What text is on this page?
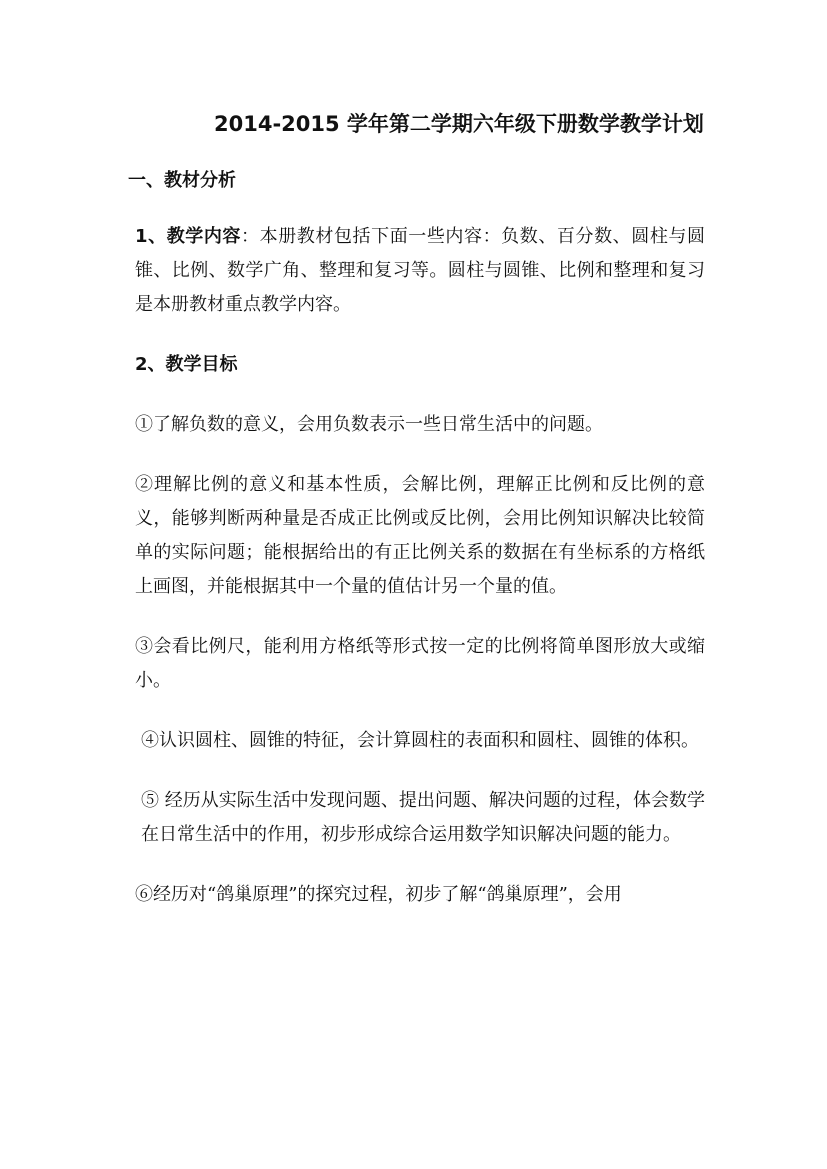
2014-2015 学年第二学期六年级下册数学教学计划
一、教材分析

1、教学内容：本册教材包括下面一些内容：负数、百分数、圆柱与圆锥、比例、数学广角、整理和复习等。圆柱与圆锥、比例和整理和复习是本册教材重点教学内容。

2、教学目标

①了解负数的意义，会用负数表示一些日常生活中的问题。

②理解比例的意义和基本性质，会解比例，理解正比例和反比例的意义，能够判断两种量是否成正比例或反比例，会用比例知识解决比较简单的实际问题；能根据给出的有正比例关系的数据在有坐标系的方格纸上画图，并能根据其中一个量的值估计另一个量的值。

③会看比例尺，能利用方格纸等形式按一定的比例将简单图形放大或缩小。

④认识圆柱、圆锥的特征，会计算圆柱的表面积和圆柱、圆锥的体积。

⑤ 经历从实际生活中发现问题、提出问题、解决问题的过程，体会数学在日常生活中的作用，初步形成综合运用数学知识解决问题的能力。

⑥经历对“鸽巢原理”的探究过程，初步了解“鸽巢原理”，会用
